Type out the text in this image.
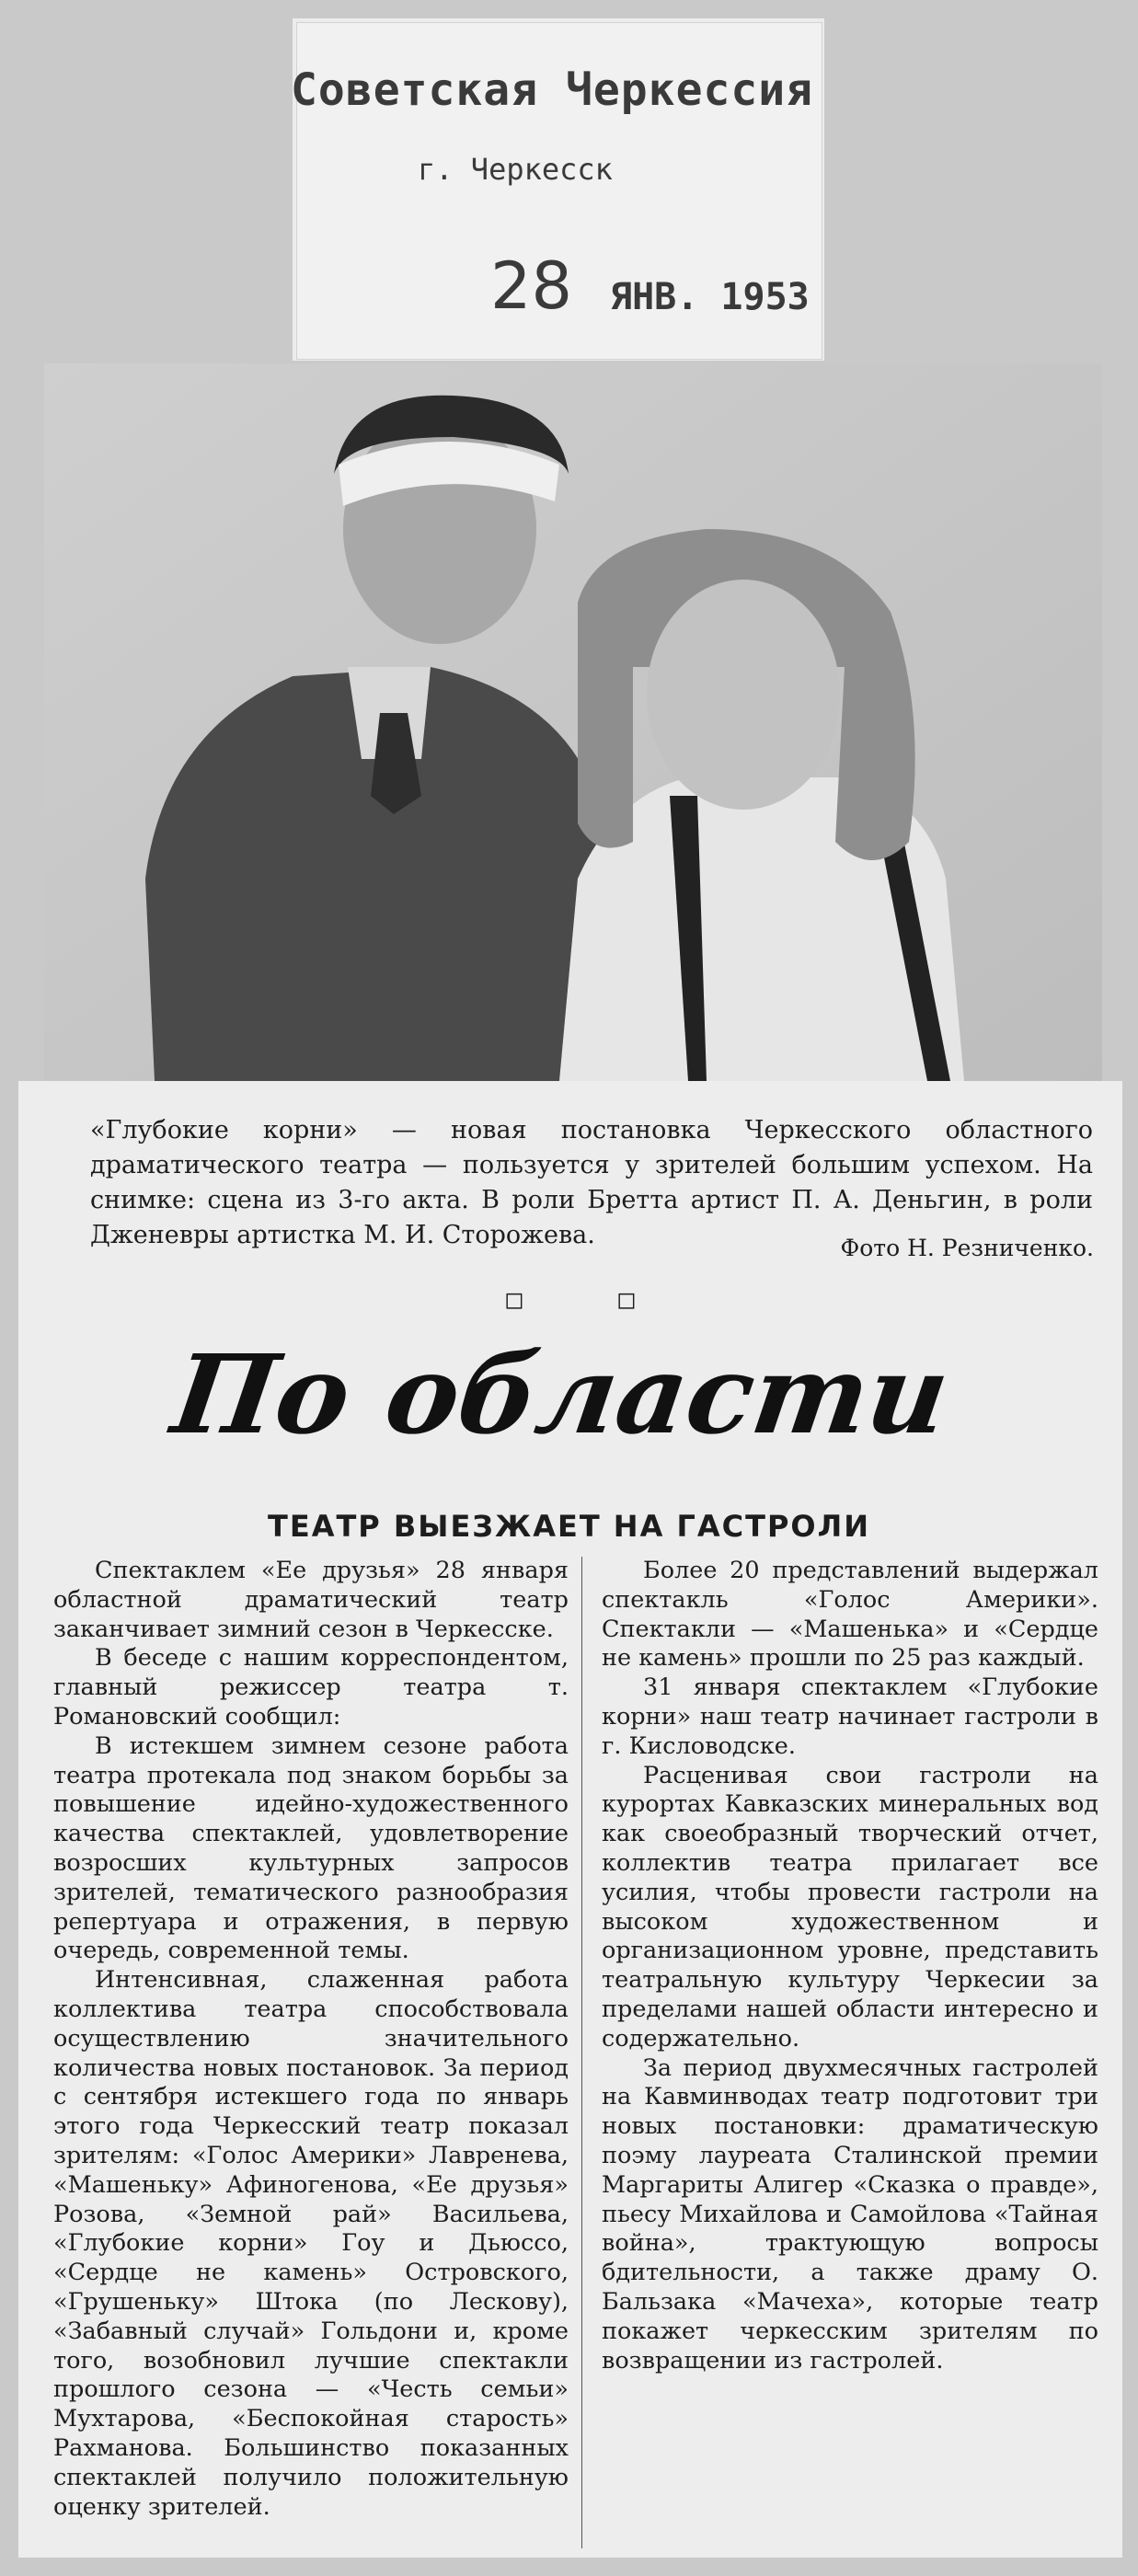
Советская Черкессия
г. Черкесск
28 ЯНВ. 1953
«Глубокие корни» — новая постановка Черкесского областного драматического театра — пользуется у зрителей большим успехом. На снимке: сцена из 3-го акта. В роли Бретта артист П. А. Деньгин, в роли Дженевры артистка М. И. Сторожева.	Фото Н. Резниченко.
◻	◻
По области
ТЕАТР ВЫЕЗЖАЕТ НА ГАСТРОЛИ

Спектаклем «Ее друзья» 28 января областной драматический театр заканчивает зимний сезон в Черкесске.

В беседе с нашим корреспондентом, главный режиссер театра т. Романовский сообщил:

В истекшем зимнем сезоне работа театра протекала под знаком борьбы за повышение идейно-художественного качества спектаклей, удовлетворение возросших культурных запросов зрителей, тематического разнообразия репертуара и отражения, в первую очередь, современной темы.

Интенсивная, слаженная работа коллектива театра способствовала осуществлению значительного количества новых постановок. За период с сентября истекшего года по январь этого года Черкесский театр показал зрителям: «Голос Америки» Лавренева, «Машеньку» Афиногенова, «Ее друзья» Розова, «Земной рай» Васильева, «Глубокие корни» Гоу и Дьюссо, «Сердце не камень» Островского, «Грушеньку» Штока (по Лескову), «Забавный случай» Гольдони и, кроме того, возобновил лучшие спектакли прошлого сезона — «Честь семьи» Мухтарова, «Беспокойная старость» Рахманова. Большинство показанных спектаклей получило положительную оценку зрителей.

Более 20 представлений выдержал спектакль «Голос Америки». Спектакли — «Машенька» и «Сердце не камень» прошли по 25 раз каждый.

31 января спектаклем «Глубокие корни» наш театр начинает гастроли в г. Кисловодске.

Расценивая свои гастроли на курортах Кавказских минеральных вод как своеобразный творческий отчет, коллектив театра прилагает все усилия, чтобы провести гастроли на высоком художественном и организационном уровне, представить театральную культуру Черкесии за пределами нашей области интересно и содержательно.

За период двухмесячных гастролей на Кавминводах театр подготовит три новых постановки: драматическую поэму лауреата Сталинской премии Маргариты Алигер «Сказка о правде», пьесу Михайлова и Самойлова «Тайная война», трактующую вопросы бдительности, а также драму О. Бальзака «Мачеха», которые театр покажет черкесским зрителям по возвращении из гастролей.
